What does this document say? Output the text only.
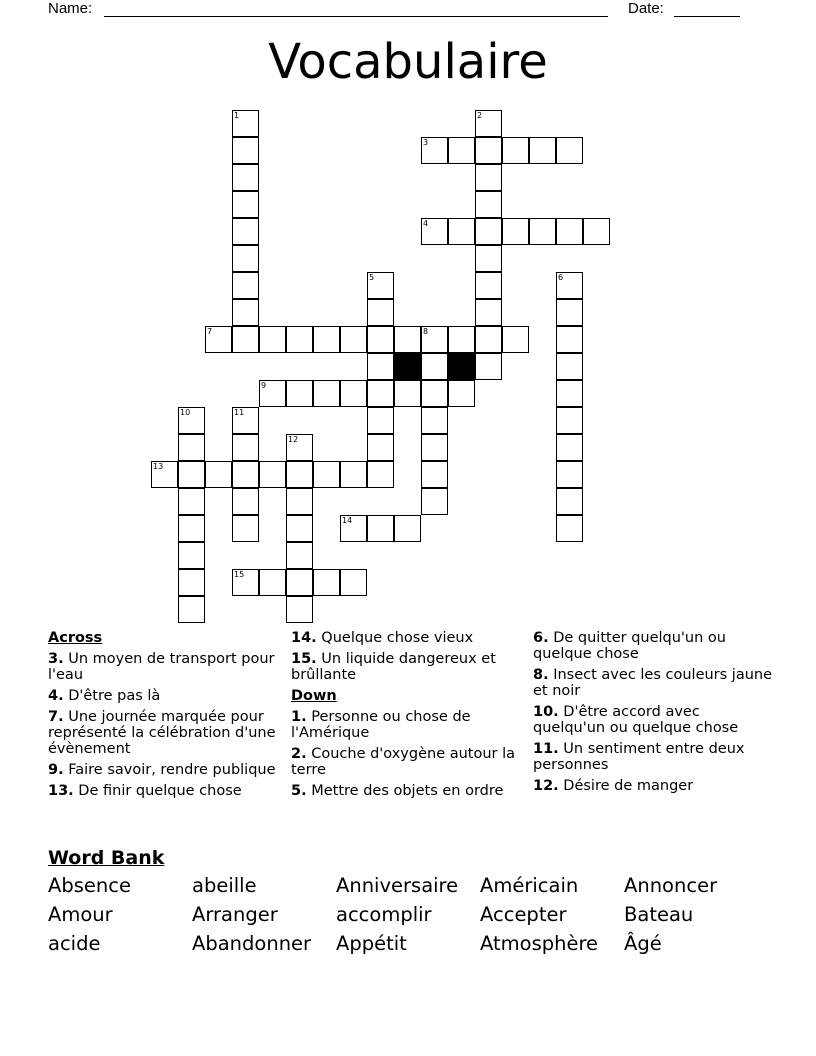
Name:	Date:
Vocabulaire
1	2
3
4
5	6
7	8
9
10	11
12
13
14
15
Across
3. Un moyen de transport pour l'eau
4. D'être pas là
7. Une journée marquée pour représenté la célébration d'une évènement
9. Faire savoir, rendre publique
13. De finir quelque chose
14. Quelque chose vieux
15. Un liquide dangereux et brûllante
Down
1. Personne ou chose de l'Amérique
2. Couche d'oxygène autour la terre
5. Mettre des objets en ordre
6. De quitter quelqu'un ou quelque chose
8. Insect avec les couleurs jaune et noir
10. D'être accord avec quelqu'un ou quelque chose
11. Un sentiment entre deux personnes
12. Désire de manger
Word Bank
Absence	abeille	Anniversaire	Américain	Annoncer
Amour	Arranger	accomplir	Accepter	Bateau
acide	Abandonner	Appétit	Atmosphère	Âgé
